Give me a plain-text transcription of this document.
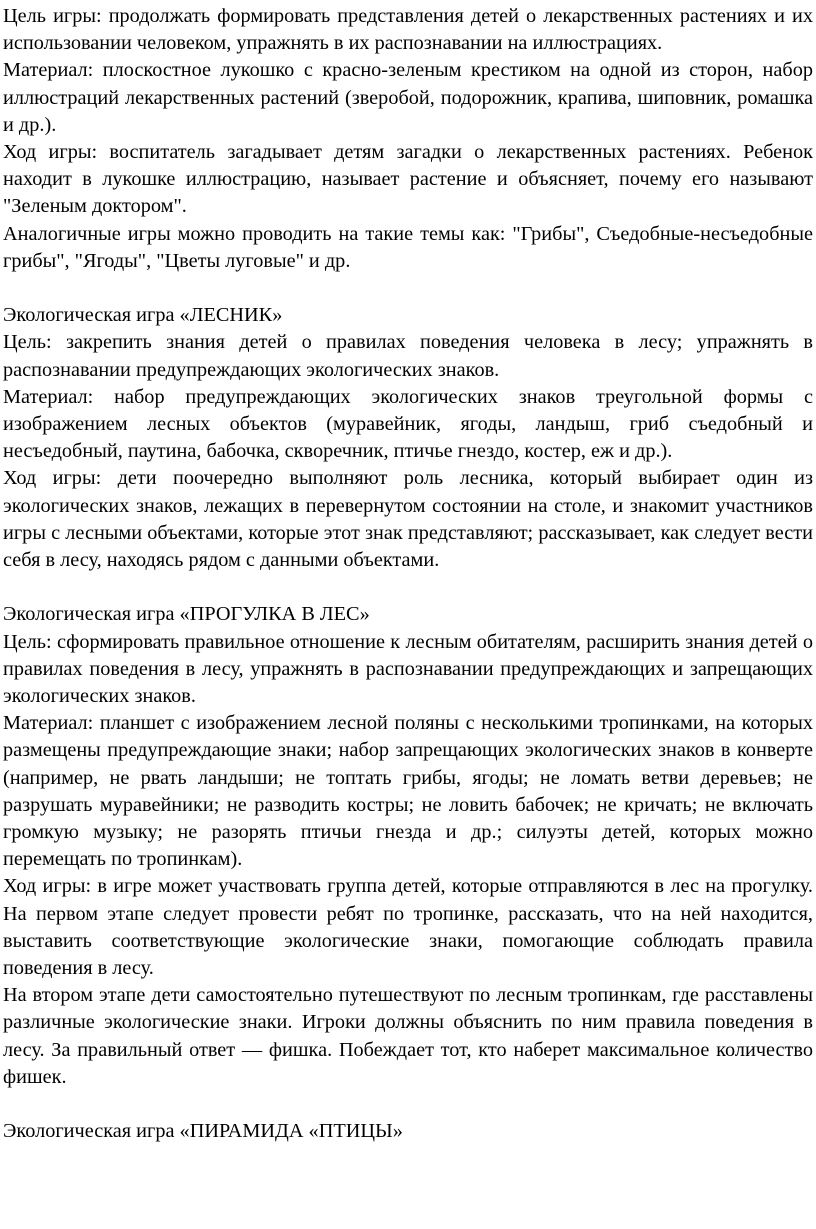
Цель игры: продолжать формировать представления детей о лекарственных растениях и их использовании человеком, упражнять в их распознавании на иллюстрациях.

Материал: плоскостное лукошко с красно-зеленым крестиком на одной из сторон, набор иллюстраций лекарственных растений (зверобой, подорожник, крапива, шиповник, ромашка и др.).

Ход игры: воспитатель загадывает детям загадки о лекарственных растениях. Ребенок находит в лукошке иллюстрацию, называет растение и объясняет, почему его называют "Зеленым доктором".

Аналогичные игры можно проводить на такие темы как: "Грибы", Съедобные-несъедобные грибы", "Ягоды", "Цветы луговые" и др.

Экологическая игра «ЛЕСНИК»

Цель: закрепить знания детей о правилах поведения человека в лесу; упражнять в распознавании предупреждающих экологических знаков.

Материал: набор предупреждающих экологических знаков треугольной формы с изображением лесных объектов (муравейник, ягоды, ландыш, гриб съедобный и несъедобный, паутина, бабочка, скворечник, птичье гнездо, костер, еж и др.).

Ход игры: дети поочередно выполняют роль лесника, который выбирает один из экологических знаков, лежащих в перевернутом состоянии на столе, и знакомит участников игры с лесными объектами, которые этот знак представляют; рассказывает, как следует вести себя в лесу, находясь рядом с данными объектами.

Экологическая игра «ПРОГУЛКА В ЛЕС»

Цель: сформировать правильное отношение к лесным обитателям, расширить знания детей о правилах поведения в лесу, упражнять в распознавании предупреждающих и запрещающих экологических знаков.

Материал: планшет с изображением лесной поляны с несколькими тропинками, на которых размещены предупреждающие знаки; набор запрещающих экологических знаков в конверте (например, не рвать ландыши; не топтать грибы, ягоды; не ломать ветви деревьев; не разрушать муравейники; не разводить костры; не ловить бабочек; не кричать; не включать громкую музыку; не разорять птичьи гнезда и др.; силуэты детей, которых можно перемещать по тропинкам).

Ход игры: в игре может участвовать группа детей, которые отправляются в лес на прогулку. На первом этапе следует провести ребят по тропинке, рассказать, что на ней находится, выставить соответствующие экологические знаки, помогающие соблюдать правила поведения в лесу.

На втором этапе дети самостоятельно путешествуют по лесным тропинкам, где расставлены различные экологические знаки. Игроки должны объяснить по ним правила поведения в лесу. За правильный ответ — фишка. Побеждает тот, кто наберет максимальное количество фишек.

Экологическая игра «ПИРАМИДА «ПТИЦЫ»
